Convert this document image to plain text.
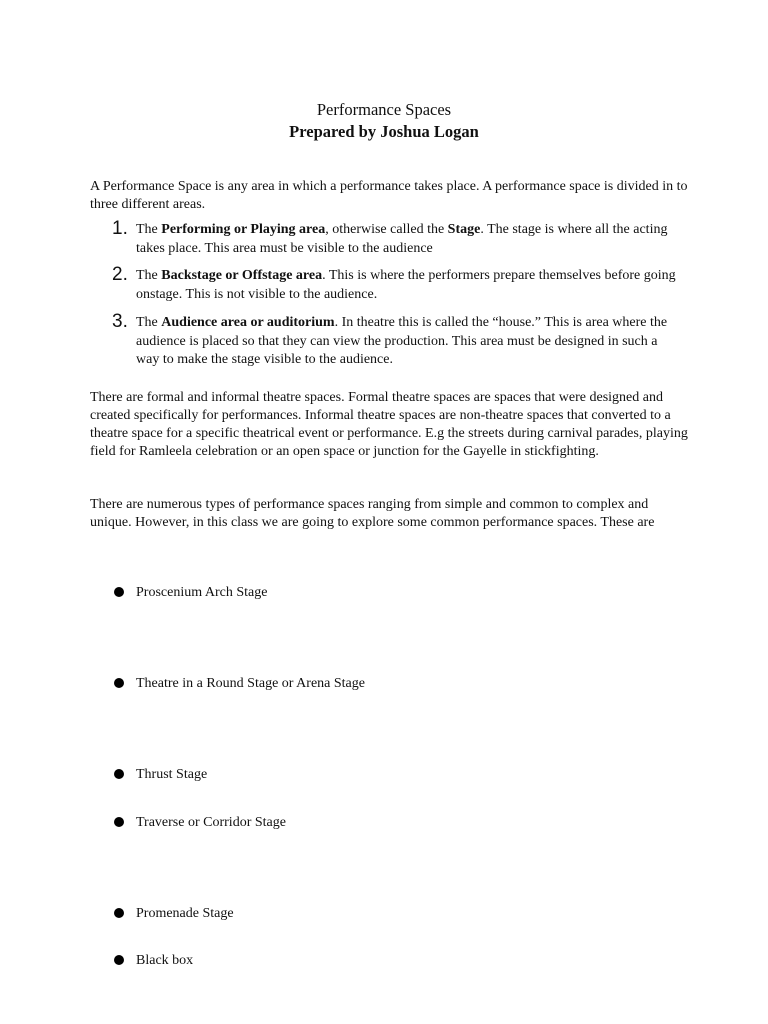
Performance Spaces
Prepared by Joshua Logan
A Performance Space is any area in which a performance takes place. A performance space is divided in to three different areas.
1. The Performing or Playing area, otherwise called the Stage. The stage is where all the acting takes place. This area must be visible to the audience
2. The Backstage or Offstage area. This is where the performers prepare themselves before going onstage. This is not visible to the audience.
3. The Audience area or auditorium. In theatre this is called the “house.” This is area where the audience is placed so that they can view the production. This area must be designed in such a way to make the stage visible to the audience.
There are formal and informal theatre spaces. Formal theatre spaces are spaces that were designed and created specifically for performances. Informal theatre spaces are non-theatre spaces that converted to a theatre space for a specific theatrical event or performance. E.g the streets during carnival parades, playing field for Ramleela celebration or an open space or junction for the Gayelle in stickfighting.
There are numerous types of performance spaces ranging from simple and common to complex and unique. However, in this class we are going to explore some common performance spaces. These are
Proscenium Arch Stage
Theatre in a Round Stage or Arena Stage
Thrust Stage
Traverse or Corridor Stage
Promenade Stage
Black box
